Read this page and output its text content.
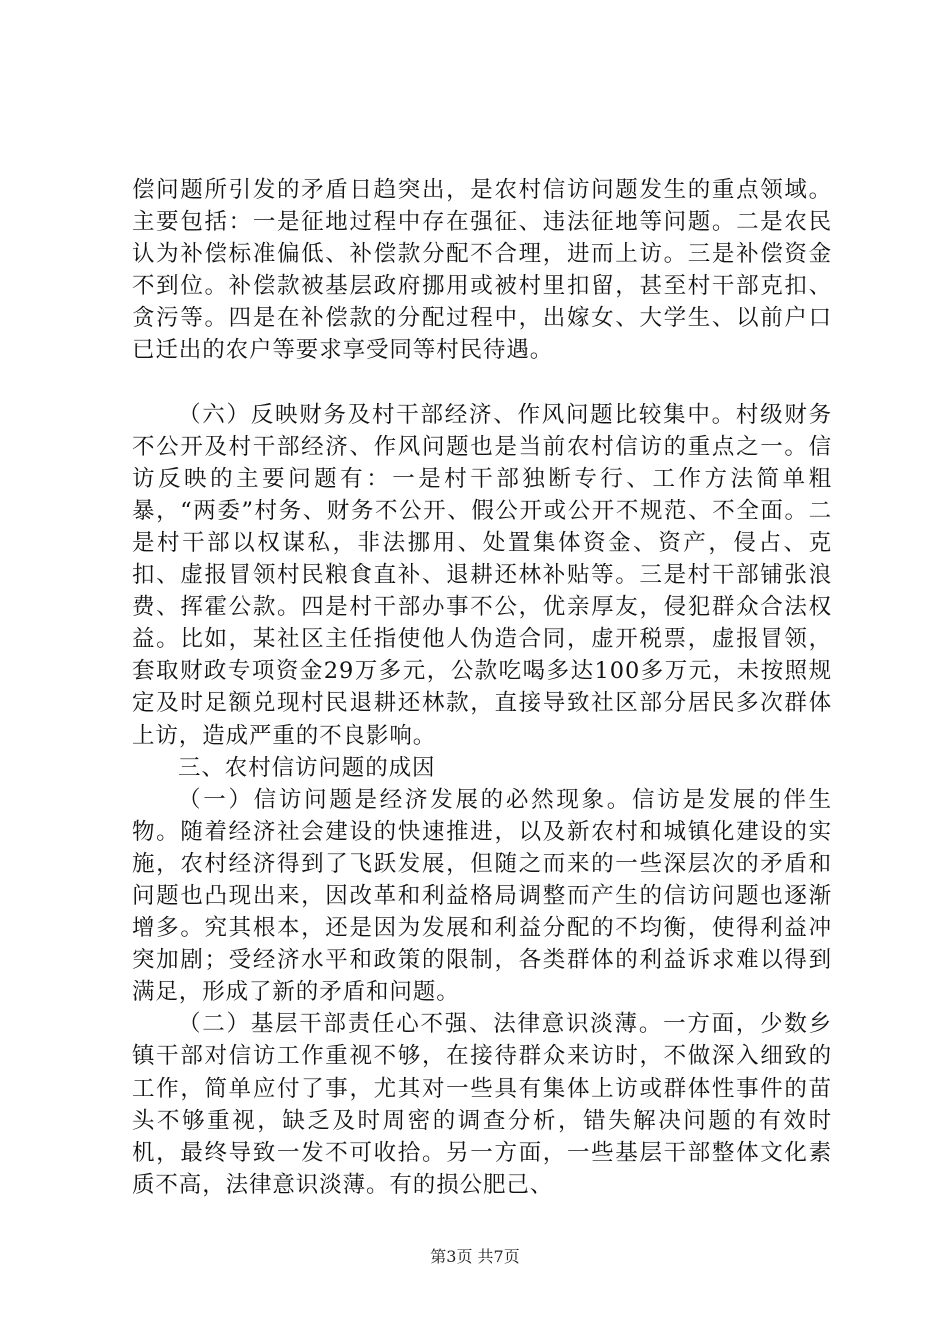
偿问题所引发的矛盾日趋突出，是农村信访问题发生的重点领域。主要包括：一是征地过程中存在强征、违法征地等问题。二是农民认为补偿标准偏低、补偿款分配不合理，进而上访。三是补偿资金不到位。补偿款被基层政府挪用或被村里扣留，甚至村干部克扣、贪污等。四是在补偿款的分配过程中，出嫁女、大学生、以前户口已迁出的农户等要求享受同等村民待遇。

（六）反映财务及村干部经济、作风问题比较集中。村级财务不公开及村干部经济、作风问题也是当前农村信访的重点之一。信访反映的主要问题有：一是村干部独断专行、工作方法简单粗暴，“两委”村务、财务不公开、假公开或公开不规范、不全面。二是村干部以权谋私，非法挪用、处置集体资金、资产，侵占、克扣、虚报冒领村民粮食直补、退耕还林补贴等。三是村干部铺张浪费、挥霍公款。四是村干部办事不公，优亲厚友，侵犯群众合法权益。比如，某社区主任指使他人伪造合同，虚开税票，虚报冒领，套取财政专项资金29万多元，公款吃喝多达100多万元，未按照规定及时足额兑现村民退耕还林款，直接导致社区部分居民多次群体上访，造成严重的不良影响。

三、农村信访问题的成因

（一）信访问题是经济发展的必然现象。信访是发展的伴生物。随着经济社会建设的快速推进，以及新农村和城镇化建设的实施，农村经济得到了飞跃发展，但随之而来的一些深层次的矛盾和问题也凸现出来，因改革和利益格局调整而产生的信访问题也逐渐增多。究其根本，还是因为发展和利益分配的不均衡，使得利益冲突加剧；受经济水平和政策的限制，各类群体的利益诉求难以得到满足，形成了新的矛盾和问题。

（二）基层干部责任心不强、法律意识淡薄。一方面，少数乡镇干部对信访工作重视不够，在接待群众来访时，不做深入细致的工作，简单应付了事，尤其对一些具有集体上访或群体性事件的苗头不够重视，缺乏及时周密的调查分析，错失解决问题的有效时机，最终导致一发不可收拾。另一方面，一些基层干部整体文化素质不高，法律意识淡薄。有的损公肥己、

第3页 共7页
